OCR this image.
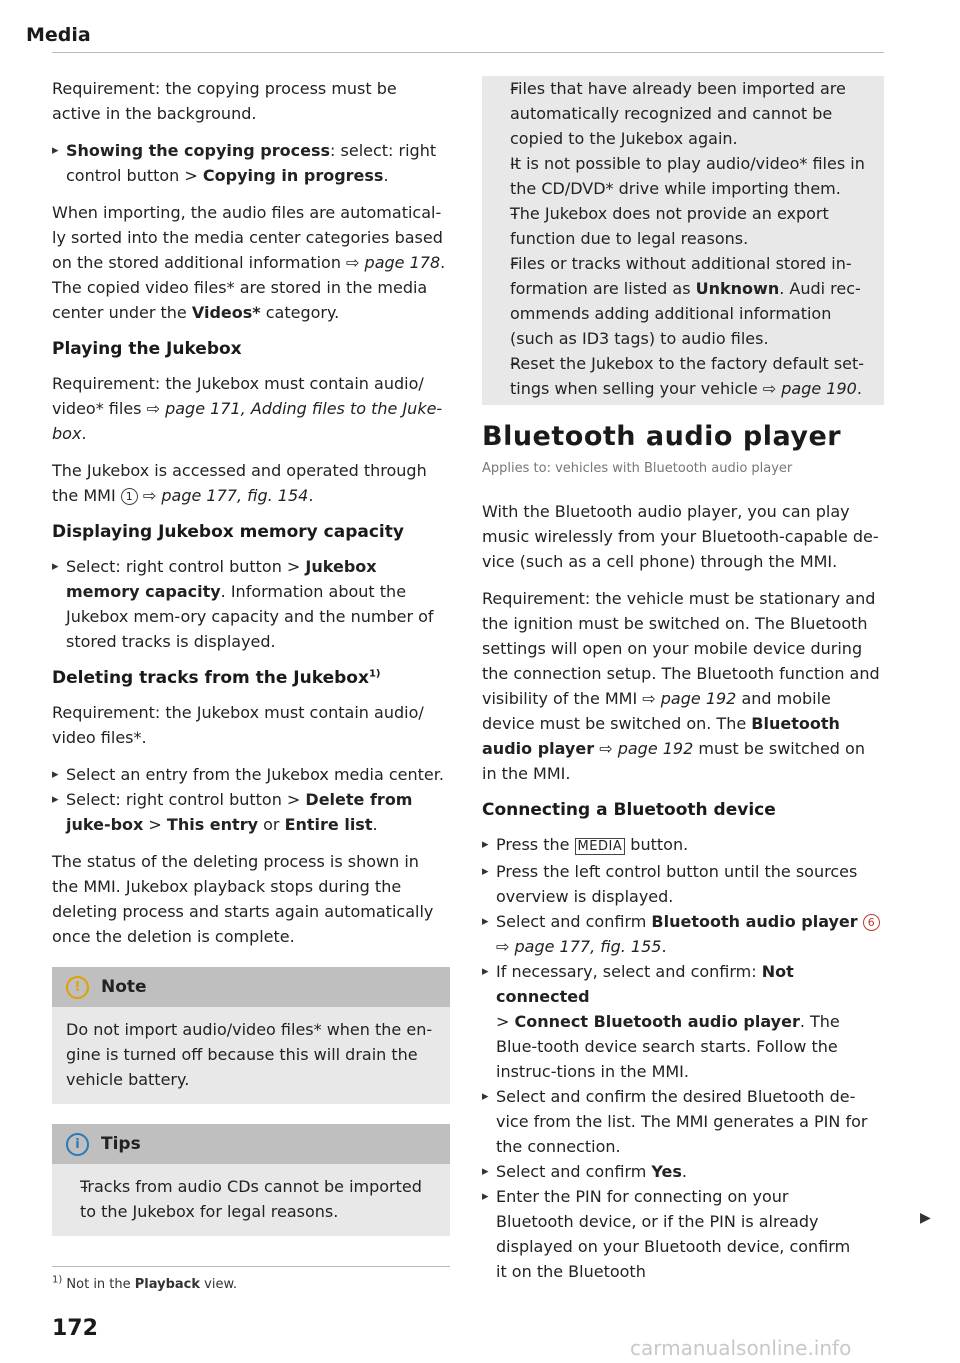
Media

Requirement: the copying process must be active in the background.

▸ Showing the copying process: select: right control button > Copying in progress.

When importing, the audio files are automatical-ly sorted into the media center categories based on the stored additional information ⇨ page 178. The copied video files* are stored in the media center under the Videos* category.

Playing the Jukebox

Requirement: the Jukebox must contain audio/ video* files ⇨ page 171, Adding files to the Juke-box.

The Jukebox is accessed and operated through the MMI 1 ⇨ page 177, fig. 154.

Displaying Jukebox memory capacity
▸ Select: right control button > Jukebox memory capacity. Information about the Jukebox mem-ory capacity and the number of stored tracks is displayed.
Deleting tracks from the Jukebox$^{1)}$

Requirement: the Jukebox must contain audio/ video files*.

▸ Select an entry from the Jukebox media center.
▸ Select: right control button > Delete from juke-box > This entry or Entire list.

The status of the deleting process is shown in the MMI. Jukebox playback stops during the deleting process and starts again automatically once the deletion is complete.

!	Note
Do not import audio/video files* when the en-gine is turned off because this will drain the vehicle battery.
i	Tips
– Tracks from audio CDs cannot be imported to the Jukebox for legal reasons.
– Files that have already been imported are automatically recognized and cannot be copied to the Jukebox again.
– It is not possible to play audio/video* files in the CD/DVD* drive while importing them.
– The Jukebox does not provide an export function due to legal reasons.
– Files or tracks without additional stored in-formation are listed as Unknown. Audi rec-ommends adding additional information (such as ID3 tags) to audio files.
– Reset the Jukebox to the factory default set-tings when selling your vehicle ⇨ page 190.
Bluetooth audio player
Applies to: vehicles with Bluetooth audio player

With the Bluetooth audio player, you can play music wirelessly from your Bluetooth-capable de-vice (such as a cell phone) through the MMI.

Requirement: the vehicle must be stationary and the ignition must be switched on. The Bluetooth settings will open on your mobile device during the connection setup. The Bluetooth function and visibility of the MMI ⇨ page 192 and mobile device must be switched on. The Bluetooth audio player ⇨ page 192 must be switched on in the MMI.

Connecting a Bluetooth device
▸ Press the MEDIA button.
▸ Press the left control button until the sources overview is displayed.
▸ Select and confirm Bluetooth audio player 6
⇨ page 177, fig. 155.
▸ If necessary, select and confirm: Not connected
> Connect Bluetooth audio player. The Blue-tooth device search starts. Follow the instruc-tions in the MMI.
▸ Select and confirm the desired Bluetooth de-vice from the list. The MMI generates a PIN for the connection.
▸ Select and confirm Yes.
▸ Enter the PIN for connecting on your Bluetooth device, or if the PIN is already displayed on your Bluetooth device, confirm it on the Bluetooth
▶
$^{1)}$ Not in the Playback view.
172
carmanualsonline.info
